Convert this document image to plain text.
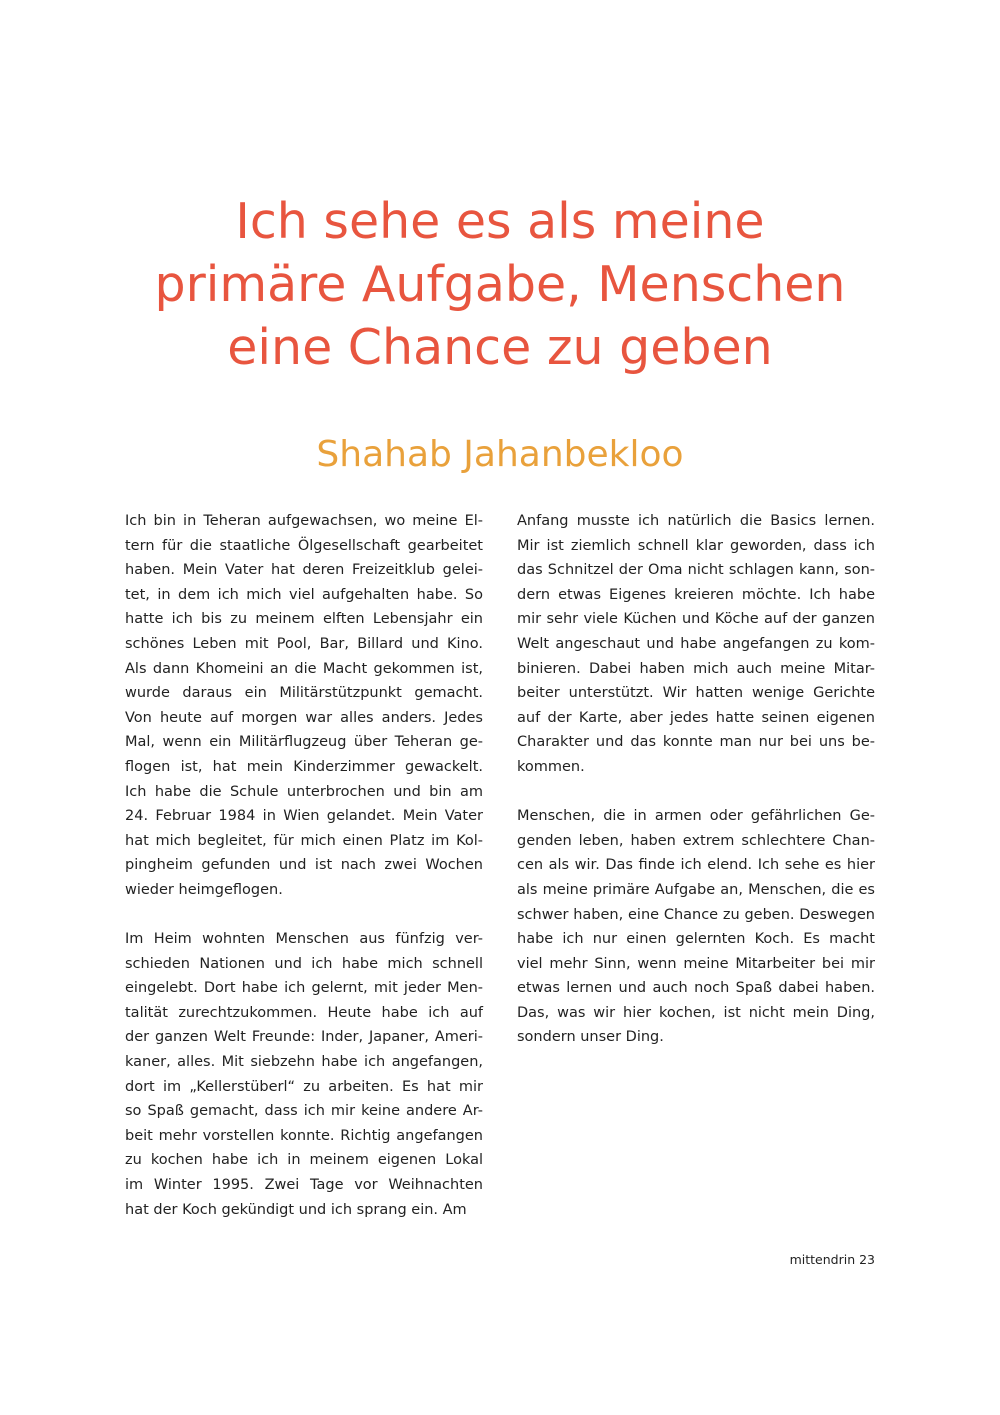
Ich sehe es als meine
primäre Aufgabe, Menschen
eine Chance zu geben
Shahab Jahanbekloo

Ich bin in Teheran aufgewachsen, wo meine El-
tern für die staatliche Ölgesellschaft gearbeitet
haben. Mein Vater hat deren Freizeitklub gelei-
tet, in dem ich mich viel aufgehalten habe. So
hatte ich bis zu meinem elften Lebensjahr ein
schönes Leben mit Pool, Bar, Billard und Kino.
Als dann Khomeini an die Macht gekommen ist,
wurde daraus ein Militärstützpunkt gemacht.
Von heute auf morgen war alles anders. Jedes
Mal, wenn ein Militärflugzeug über Teheran ge-
flogen ist, hat mein Kinderzimmer gewackelt.
Ich habe die Schule unterbrochen und bin am
24. Februar 1984 in Wien gelandet. Mein Vater
hat mich begleitet, für mich einen Platz im Kol-
pingheim gefunden und ist nach zwei Wochen
wieder heimgeflogen.

Im Heim wohnten Menschen aus fünfzig ver-
schieden Nationen und ich habe mich schnell
eingelebt. Dort habe ich gelernt, mit jeder Men-
talität zurechtzukommen. Heute habe ich auf
der ganzen Welt Freunde: Inder, Japaner, Ameri-
kaner, alles. Mit siebzehn habe ich angefangen,
dort im „Kellerstüberl“ zu arbeiten. Es hat mir
so Spaß gemacht, dass ich mir keine andere Ar-
beit mehr vorstellen konnte. Richtig angefangen
zu kochen habe ich in meinem eigenen Lokal
im Winter 1995. Zwei Tage vor Weihnachten
hat der Koch gekündigt und ich sprang ein. Am

Anfang musste ich natürlich die Basics lernen.
Mir ist ziemlich schnell klar geworden, dass ich
das Schnitzel der Oma nicht schlagen kann, son-
dern etwas Eigenes kreieren möchte. Ich habe
mir sehr viele Küchen und Köche auf der ganzen
Welt angeschaut und habe angefangen zu kom-
binieren. Dabei haben mich auch meine Mitar-
beiter unterstützt. Wir hatten wenige Gerichte
auf der Karte, aber jedes hatte seinen eigenen
Charakter und das konnte man nur bei uns be-
kommen.

Menschen, die in armen oder gefährlichen Ge-
genden leben, haben extrem schlechtere Chan-
cen als wir. Das finde ich elend. Ich sehe es hier
als meine primäre Aufgabe an, Menschen, die es
schwer haben, eine Chance zu geben. Deswegen
habe ich nur einen gelernten Koch. Es macht
viel mehr Sinn, wenn meine Mitarbeiter bei mir
etwas lernen und auch noch Spaß dabei haben.
Das, was wir hier kochen, ist nicht mein Ding,
sondern unser Ding.

mittendrin 23
